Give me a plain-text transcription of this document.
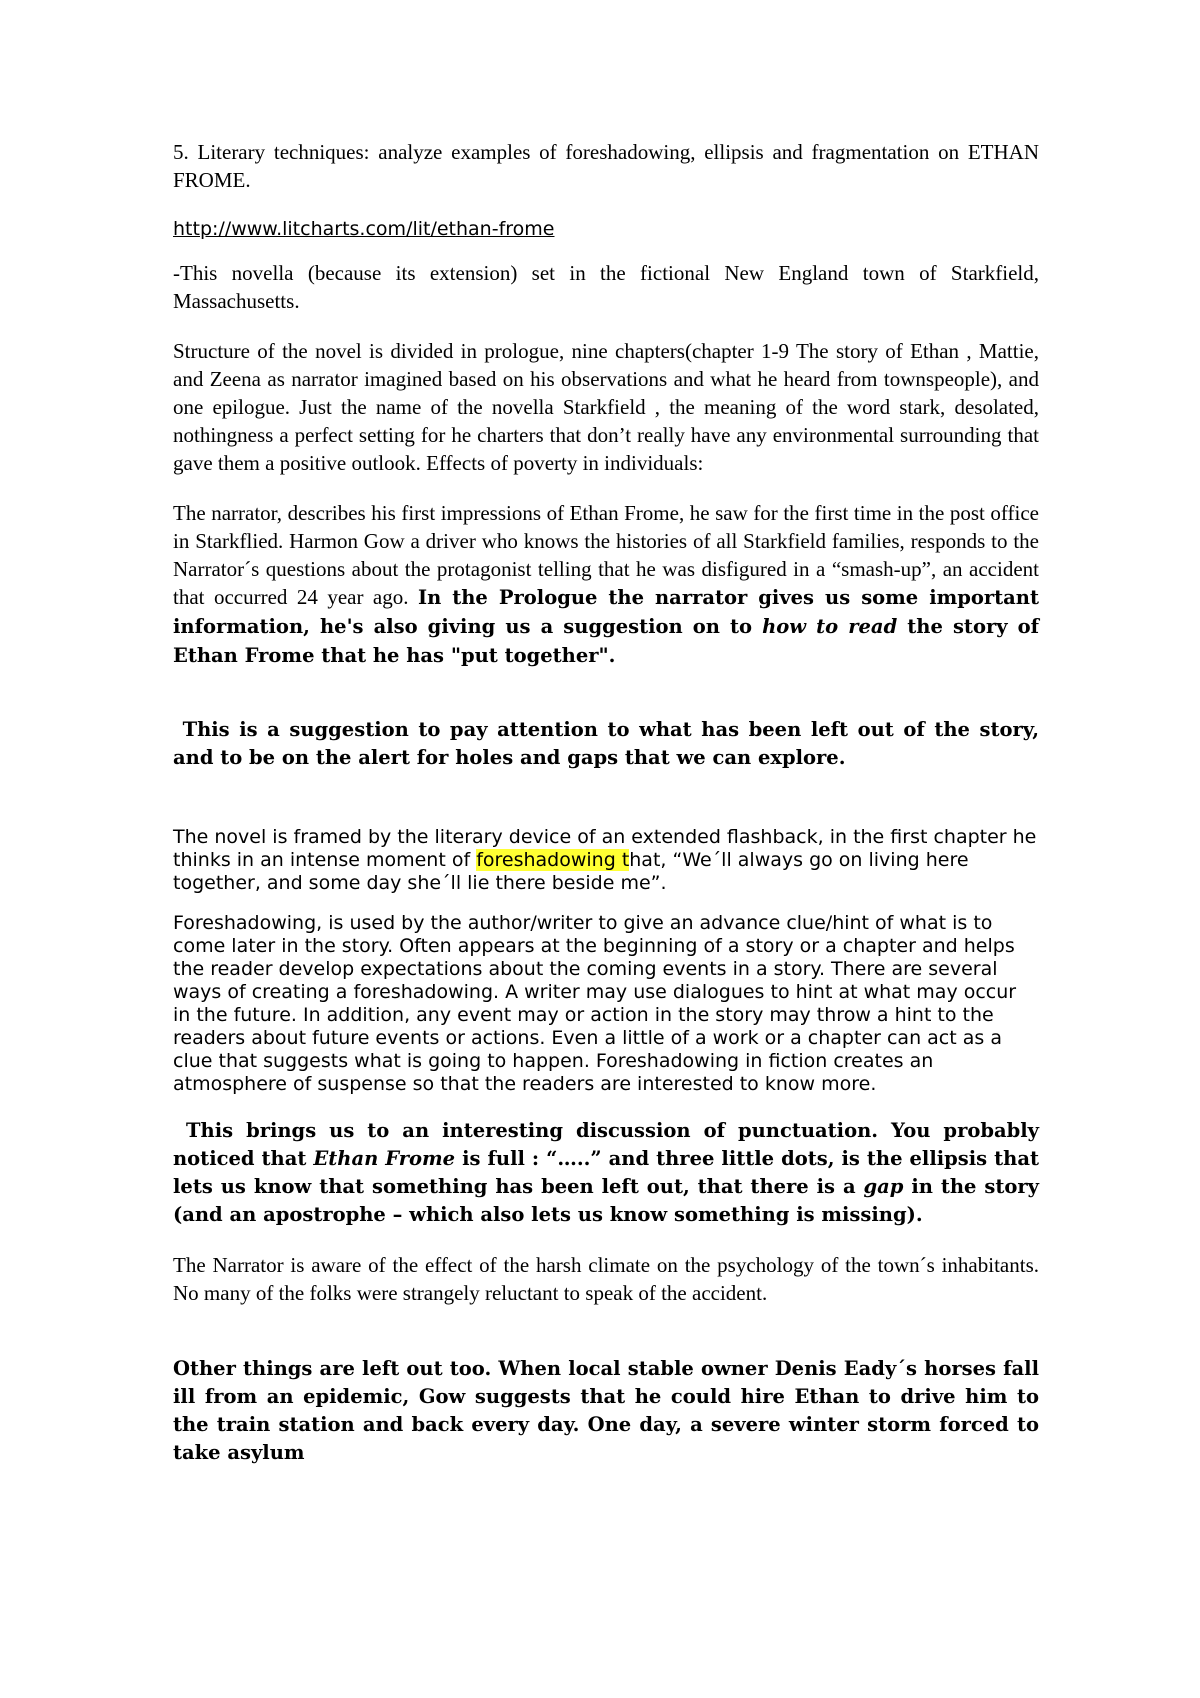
5. Literary techniques: analyze examples of foreshadowing, ellipsis and fragmentation on ETHAN FROME.

http://www.litcharts.com/lit/ethan-frome

-This novella (because its extension) set in the fictional New England town of Starkfield, Massachusetts.

Structure of the novel is divided in prologue, nine chapters(chapter 1-9 The story of Ethan , Mattie, and Zeena as narrator imagined based on his observations and what he heard from townspeople), and one epilogue. Just the name of the novella Starkfield , the meaning of the word stark, desolated, nothingness a perfect setting for he charters that don’t really have any environmental surrounding that gave them a positive outlook. Effects of poverty in individuals:

The narrator, describes his first impressions of Ethan Frome, he saw for the first time in the post office in Starkflied. Harmon Gow a driver who knows the histories of all Starkfield families, responds to the Narrator´s questions about the protagonist telling that he was disfigured in a “smash-up”, an accident that occurred 24 year ago. In the Prologue the narrator gives us some important information, he's also giving us a suggestion on to how to read the story of Ethan Frome that he has "put together".

This is a suggestion to pay attention to what has been left out of the story, and to be on the alert for holes and gaps that we can explore.

The novel is framed by the literary device of an extended flashback, in the first chapter he thinks in an intense moment of foreshadowing that, “We´ll always go on living here together, and some day she´ll lie there beside me”.

Foreshadowing, is used by the author/writer to give an advance clue/hint of what is to come later in the story. Often appears at the beginning of a story or a chapter and helps the reader develop expectations about the coming events in a story. There are several ways of creating a foreshadowing. A writer may use dialogues to hint at what may occur in the future. In addition, any event may or action in the story may throw a hint to the readers about future events or actions. Even a little of a work or a chapter can act as a clue that suggests what is going to happen. Foreshadowing in fiction creates an atmosphere of suspense so that the readers are interested to know more.

This brings us to an interesting discussion of punctuation. You probably noticed that Ethan Frome is full : “…..” and three little dots, is the ellipsis that lets us know that something has been left out, that there is a gap in the story (and an apostrophe – which also lets us know something is missing).

The Narrator is aware of the effect of the harsh climate on the psychology of the town´s inhabitants. No many of the folks were strangely reluctant to speak of the accident.

Other things are left out too. When local stable owner Denis Eady´s horses fall ill from an epidemic, Gow suggests that he could hire Ethan to drive him to the train station and back every day. One day, a severe winter storm forced to take asylum
